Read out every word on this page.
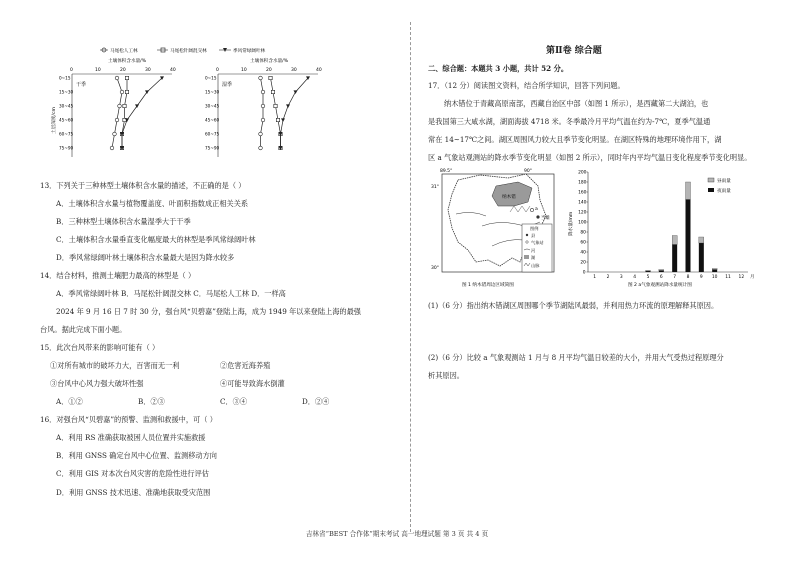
马尾松人工林	马尾松针阔混交林	季风常绿阔叶林
土壤体积含水量/%
0	10	20	30	40
干季
0~15
15~30
30~45
45~60
60~75
75~90
土层深度/cm
土壤体积含水量/%
0	10	20	30	40
湿季
0~15
15~30
30~45
45~60
60~75
75~90
13．下列关于三种林型土壤体积含水量的描述，不正确的是（ ）
A．土壤体积含水量与植物覆盖度、叶面积指数成正相关关系
B．三种林型土壤体积含水量湿季大于干季
C．土壤体积含水量垂直变化幅度最大的林型是季风常绿阔叶林
D．季风常绿阔叶林土壤体积含水量最大是因为降水较多
14．结合材料，推测土壤肥力最高的林型是（ ）
A．季风常绿阔叶林 B．马尾松针阔混交林 C．马尾松人工林 D．一样高
2024 年 9 月 16 日 7 时 30 分，强台风“贝碧嘉”登陆上海，成为 1949 年以来登陆上海的最强
台风。据此完成下面小题。
15．此次台风带来的影响可能有（ ）
①对所有城市的破坏力大，百害而无一利	②危害近海养殖
③台风中心风力强大破坏性强	④可能导致海水倒灌
A．①②	B．②③	C．③④	D．②④
16．对强台风“贝碧嘉”的预警、监测和救援中，可（ ）
A．利用 RS 准确获取被困人员位置并实施救援
B．利用 GNSS 确定台风中心位置、监测移动方向
C．利用 GIS 对本次台风灾害的危险性进行评估
D．利用 GNSS 技术迅速、准确地获取受灾范围
第Ⅱ卷 综合题
二、综合题：本题共 3 小题，共计 52 分。
17．（12 分）阅读图文资料，结合所学知识，回答下列问题。
纳木错位于青藏高原南部，西藏自治区中部（如图 1 所示），是西藏第二大湖泊，也
是我国第三大咸水湖，湖面海拔 4718 米。冬季最冷月平均气温在约为-7℃，夏季气温通
常在 14~17℃之间。湖区周围风力较大且季节变化明显。在湖区特殊的地理环境作用下，湖
区 a 气象站观测站的降水季节变化明显（如图 2 所示），同时年内平均气温日变化程度季节变化明显。
89.5°	90°
31°
30°
纳木错
a
当雄
图例
县
气象站
河
湖
山脉
图 1 纳木错周边区域简图
降水量/mm
0
20
40
60
80
100
120
140
160
180
200
1 2 3 4 5 6 7 8 9 10 11 12 月
昼雨量
夜雨量
图 2 a气象观测站降水量统计图
(1)（6 分）指出纳木错湖区周围哪个季节湖陆风最弱，并利用热力环流的原理解释其原因。
(2)（6 分）比较 a 气象观测站 1 月与 8 月平均气温日较差的大小，并用大气受热过程原理分
析其原因。
吉林省“BEST 合作体”期末考试 高一地理试题 第 3 页 共 4 页
